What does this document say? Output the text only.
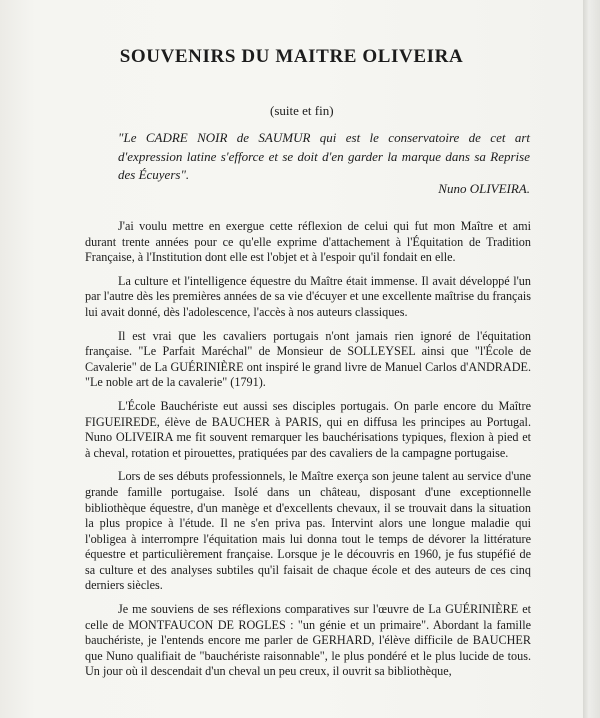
SOUVENIRS DU MAITRE OLIVEIRA

(suite et fin)

"Le CADRE NOIR de SAUMUR qui est le conservatoire de cet art d'expression latine s'efforce et se doit d'en garder la marque dans sa Reprise des Écuyers".

Nuno OLIVEIRA.

J'ai voulu mettre en exergue cette réflexion de celui qui fut mon Maître et ami durant trente années pour ce qu'elle exprime d'attachement à l'Équitation de Tradition Française, à l'Institution dont elle est l'objet et à l'espoir qu'il fondait en elle.

La culture et l'intelligence équestre du Maître était immense. Il avait développé l'un par l'autre dès les premières années de sa vie d'écuyer et une excellente maîtrise du français lui avait donné, dès l'adolescence, l'accès à nos auteurs classiques.

Il est vrai que les cavaliers portugais n'ont jamais rien ignoré de l'équitation française. "Le Parfait Maréchal" de Monsieur de SOLLEYSEL ainsi que "l'École de Cavalerie" de La GUÉRINIÈRE ont inspiré le grand livre de Manuel Carlos d'ANDRADE. "Le noble art de la cavalerie" (1791).

L'École Bauchériste eut aussi ses disciples portugais. On parle encore du Maître FIGUEIREDE, élève de BAUCHER à PARIS, qui en diffusa les principes au Portugal. Nuno OLIVEIRA me fit souvent remarquer les bauchérisations typiques, flexion à pied et à cheval, rotation et pirouettes, pratiquées par des cavaliers de la campagne portugaise.

Lors de ses débuts professionnels, le Maître exerça son jeune talent au service d'une grande famille portugaise. Isolé dans un château, disposant d'une exceptionnelle bibliothèque équestre, d'un manège et d'excellents chevaux, il se trouvait dans la situation la plus propice à l'étude. Il ne s'en priva pas. Intervint alors une longue maladie qui l'obligea à interrompre l'équitation mais lui donna tout le temps de dévorer la littérature équestre et particulièrement française. Lorsque je le découvris en 1960, je fus stupéfié de sa culture et des analyses subtiles qu'il faisait de chaque école et des auteurs de ces cinq derniers siècles.

Je me souviens de ses réflexions comparatives sur l'œuvre de La GUÉRINIÈRE et celle de MONTFAUCON DE ROGLES : "un génie et un primaire". Abordant la famille bauchériste, je l'entends encore me parler de GERHARD, l'élève difficile de BAUCHER que Nuno qualifiait de "bauchériste raisonnable", le plus pondéré et le plus lucide de tous. Un jour où il descendait d'un cheval un peu creux, il ouvrit sa bibliothèque,
